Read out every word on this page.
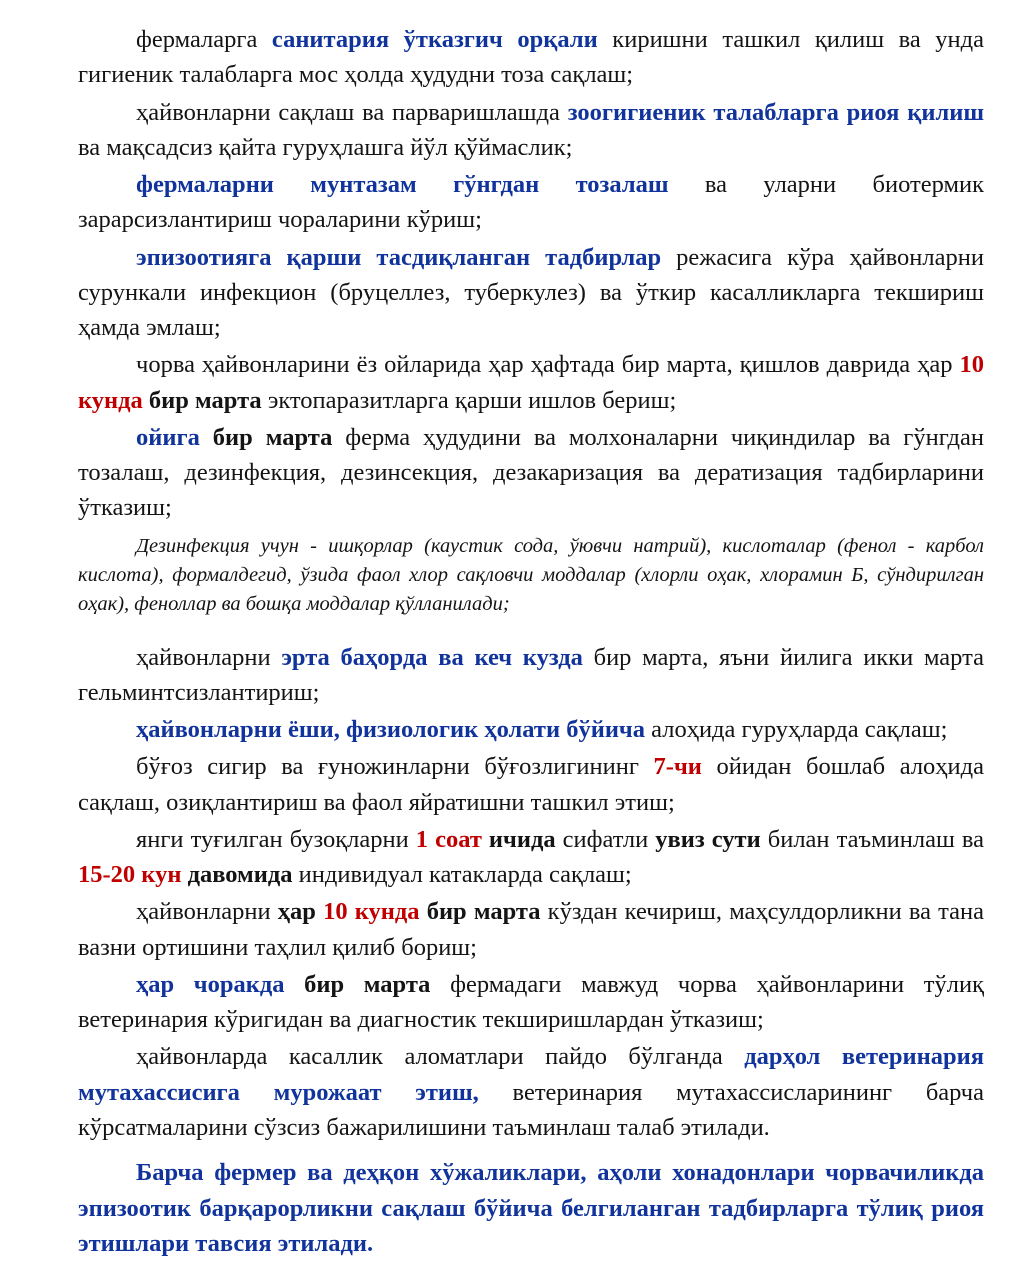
фермаларга санитария ўтказгич орқали киришни ташкил қилиш ва унда гигиеник талабларга мос ҳолда ҳудудни тоза сақлаш;

ҳайвонларни сақлаш ва парваришлашда зоогигиеник талабларга риоя қилиш ва мақсадсиз қайта гуруҳлашга йўл қўймаслик;

фермаларни мунтазам гўнгдан тозалаш ва уларни биотермик зарарсизлантириш чораларини кўриш;

эпизоотияга қарши тасдиқланган тадбирлар режасига кўра ҳайвонларни сурункали инфекцион (бруцеллез, туберкулез) ва ўткир касалликларга текшириш ҳамда эмлаш;

чорва ҳайвонларини ёз ойларида ҳар ҳафтада бир марта, қишлов даврида ҳар 10 кунда бир марта эктопаразитларга қарши ишлов бериш;

ойига бир марта ферма ҳудудини ва молхоналарни чиқиндилар ва гўнгдан тозалаш, дезинфекция, дезинсекция, дезакаризация ва дератизация тадбирларини ўтказиш;

Дезинфекция учун - ишқорлар (каустик сода, ўювчи натрий), кислоталар (фенол - карбол кислота), формалдегид, ўзида фаол хлор сақловчи моддалар (хлорли оҳак, хлорамин Б, сўндирилган оҳак), феноллар ва бошқа моддалар қўлланилади;

ҳайвонларни эрта баҳорда ва кеч кузда бир марта, яъни йилига икки марта гельминтсизлантириш;

ҳайвонларни ёши, физиологик ҳолати бўйича алоҳида гуруҳларда сақлаш;

бўғоз сигир ва ғуножинларни бўғозлигининг 7-чи ойидан бошлаб алоҳида сақлаш, озиқлантириш ва фаол яйратишни ташкил этиш;

янги туғилган бузоқларни 1 соат ичида сифатли увиз сути билан таъминлаш ва 15-20 кун давомида индивидуал катакларда сақлаш;

ҳайвонларни ҳар 10 кунда бир марта кўздан кечириш, маҳсулдорликни ва тана вазни ортишини таҳлил қилиб бориш;

ҳар чоракда бир марта фермадаги мавжуд чорва ҳайвонларини тўлиқ ветеринария кўригидан ва диагностик текширишлардан ўтказиш;

ҳайвонларда касаллик аломатлари пайдо бўлганда дарҳол ветеринария мутахассисига мурожаат этиш, ветеринария мутахассисларининг барча кўрсатмаларини сўзсиз бажарилишини таъминлаш талаб этилади.

Барча фермер ва деҳқон хўжаликлари, аҳоли хонадонлари чорвачиликда эпизоотик барқарорликни сақлаш бўйича белгиланган тадбирларга тўлиқ риоя этишлари тавсия этилади.
